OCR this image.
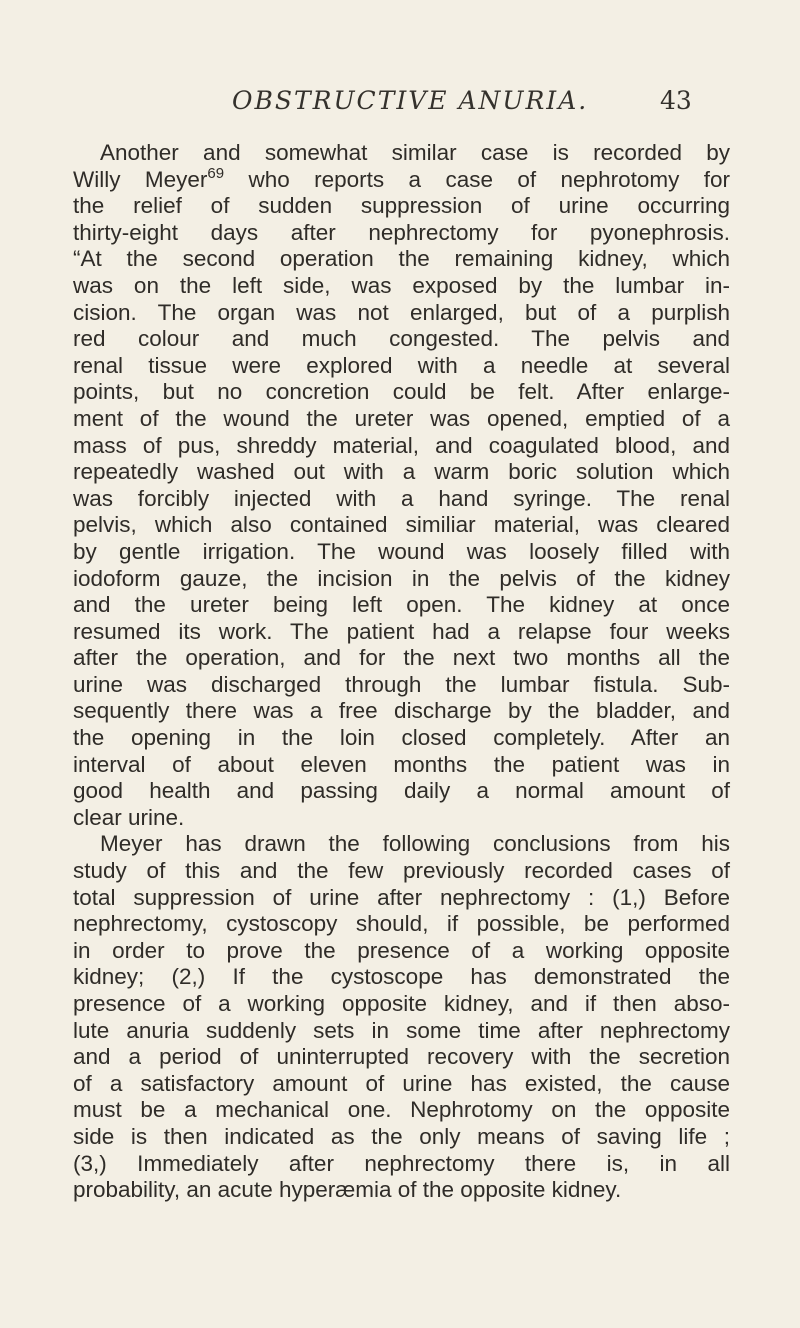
OBSTRUCTIVE ANURIA.	43
Another and somewhat similar case is recorded by
Willy Meyer$^{69}$ who reports a case of nephrotomy for
the relief of sudden suppression of urine occurring
thirty-eight days after nephrectomy for pyonephrosis.
“At the second operation the remaining kidney, which
was on the left side, was exposed by the lumbar in-
cision. The organ was not enlarged, but of a purplish
red colour and much congested. The pelvis and
renal tissue were explored with a needle at several
points, but no concretion could be felt. After enlarge-
ment of the wound the ureter was opened, emptied of a
mass of pus, shreddy material, and coagulated blood, and
repeatedly washed out with a warm boric solution which
was forcibly injected with a hand syringe. The renal
pelvis, which also contained similiar material, was cleared
by gentle irrigation. The wound was loosely filled with
iodoform gauze, the incision in the pelvis of the kidney
and the ureter being left open. The kidney at once
resumed its work. The patient had a relapse four weeks
after the operation, and for the next two months all the
urine was discharged through the lumbar fistula. Sub-
sequently there was a free discharge by the bladder, and
the opening in the loin closed completely. After an
interval of about eleven months the patient was in
good health and passing daily a normal amount of
clear urine.
Meyer has drawn the following conclusions from his
study of this and the few previously recorded cases of
total suppression of urine after nephrectomy : (1,) Before
nephrectomy, cystoscopy should, if possible, be performed
in order to prove the presence of a working opposite
kidney; (2,) If the cystoscope has demonstrated the
presence of a working opposite kidney, and if then abso-
lute anuria suddenly sets in some time after nephrectomy
and a period of uninterrupted recovery with the secretion
of a satisfactory amount of urine has existed, the cause
must be a mechanical one. Nephrotomy on the opposite
side is then indicated as the only means of saving life ;
(3,) Immediately after nephrectomy there is, in all
probability, an acute hyperæmia of the opposite kidney.
